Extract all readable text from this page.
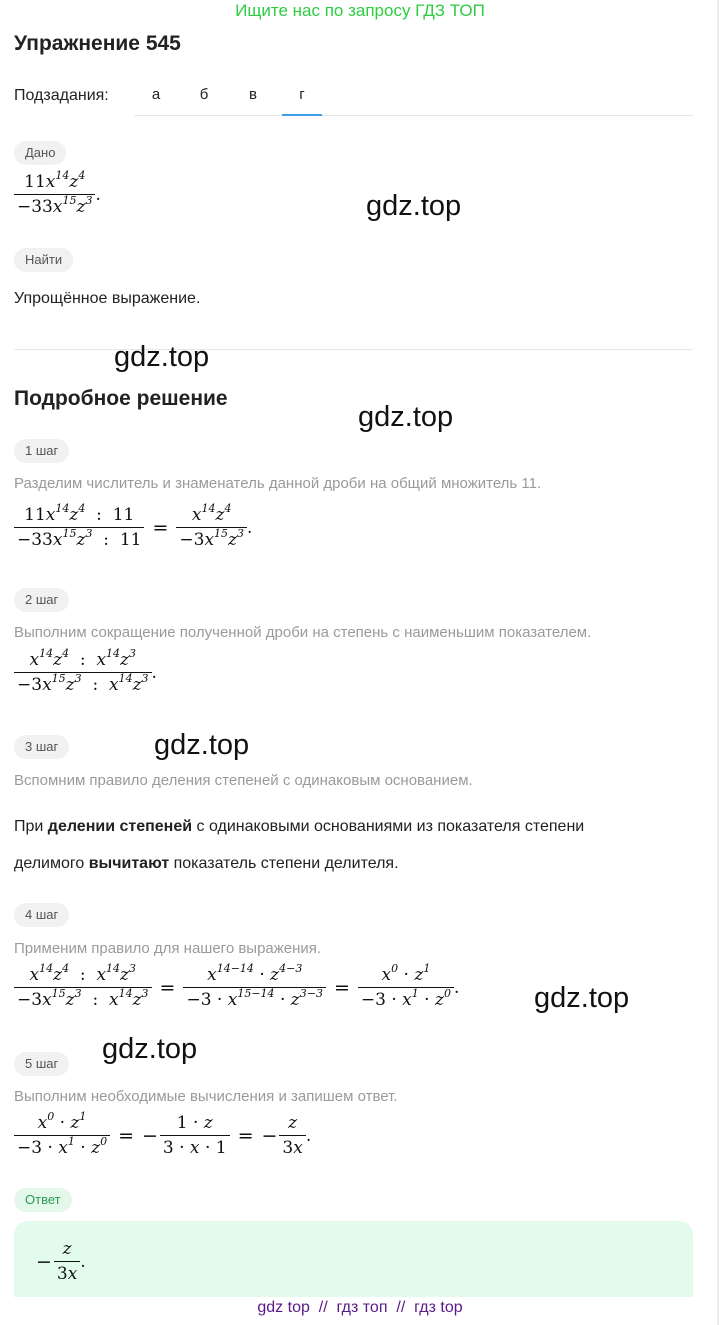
Ищите нас по запросу ГДЗ ТОП
Упражнение 545
Подзадания:	а	б	в	г
Дано
$\frac{11x^{14}z^4}{-33x^{15}z^3}$ .
Найти
Упрощённое выражение.
Подробное решение
1 шаг
Разделим числитель и знаменатель данной дроби на общий множитель 11.
$\frac{11x^{14}z^4 : 11}{-33x^{15}z^3 : 11} = \frac{x^{14}z^4}{-3x^{15}z^3}$ .
2 шаг
Выполним сокращение полученной дроби на степень с наименьшим показателем.
$\frac{x^{14}z^4 : x^{14}z^3}{-3x^{15}z^3 : x^{14}z^3}$ .
3 шаг
Вспомним правило деления степеней с одинаковым основанием.
При делении степеней с одинаковыми основаниями из показателя степени
делимого вычитают показатель степени делителя.
4 шаг
Применим правило для нашего выражения.
$\frac{x^{14}z^4 : x^{14}z^3}{-3x^{15}z^3 : x^{14}z^3} = \frac{x^{14-14} \cdot z^{4-3}}{-3 \cdot x^{15-14} \cdot z^{3-3}} = \frac{x^0 \cdot z^1}{-3 \cdot x^1 \cdot z^0}$ .
5 шаг
Выполним необходимые вычисления и запишем ответ.
$\frac{x^0 \cdot z^1}{-3 \cdot x^1 \cdot z^0}$ = − $\frac{1 \cdot z}{3 \cdot x \cdot 1}$ = − $\frac{z}{3x}$ .
Ответ
− $\frac{z}{3x}$ .
gdz.top
gdz.top
gdz.top
gdz.top
gdz.top
gdz.top
gdz top  //  гдз топ  //  гдз top
